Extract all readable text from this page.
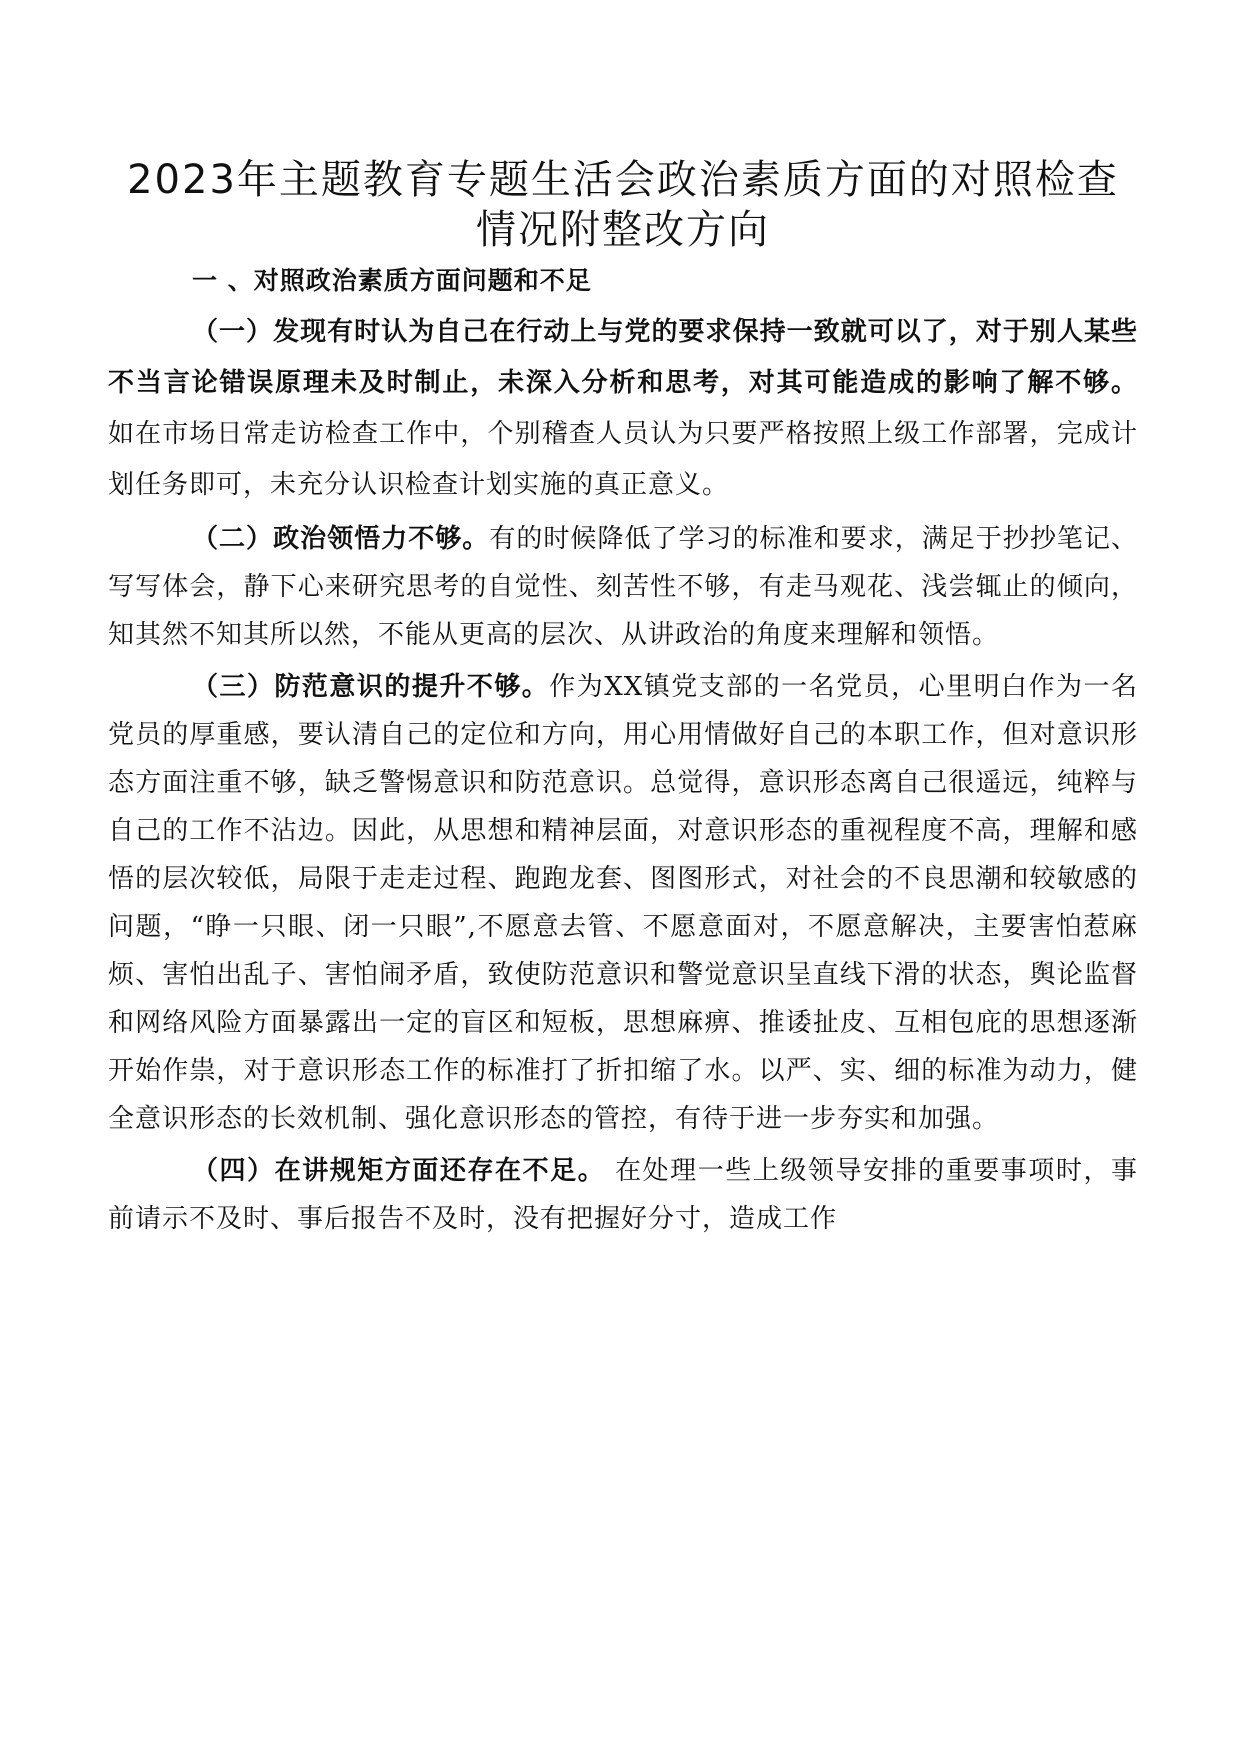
2023年主题教育专题生活会政治素质方面的对照检查
情况附整改方向
一 、对照政治素质方面问题和不足

（一）发现有时认为自己在行动上与党的要求保持一致就可以了，对于别人某些不当言论错误原理未及时制止，未深入分析和思考，对其可能造成的影响了解不够。 如在市场日常走访检查工作中，个别稽查人员认为只要严格按照上级工作部署，完成计划任务即可，未充分认识检查计划实施的真正意义。

（二）政治领悟力不够。有的时候降低了学习的标准和要求，满足于抄抄笔记、写写体会，静下心来研究思考的自觉性、刻苦性不够，有走马观花、浅尝辄止的倾向，知其然不知其所以然，不能从更高的层次、从讲政治的角度来理解和领悟。

（三）防范意识的提升不够。作为XX镇党支部的一名党员，心里明白作为一名党员的厚重感，要认清自己的定位和方向，用心用情做好自己的本职工作，但对意识形态方面注重不够，缺乏警惕意识和防范意识。总觉得，意识形态离自己很遥远，纯粹与自己的工作不沾边。因此，从思想和精神层面，对意识形态的重视程度不高，理解和感悟的层次较低，局限于走走过程、跑跑龙套、图图形式，对社会的不良思潮和较敏感的问题，“睁一只眼、闭一只眼”,不愿意去管、不愿意面对，不愿意解决，主要害怕惹麻烦、害怕出乱子、害怕闹矛盾，致使防范意识和警觉意识呈直线下滑的状态，舆论监督和网络风险方面暴露出一定的盲区和短板，思想麻痹、推诿扯皮、互相包庇的思想逐渐开始作祟，对于意识形态工作的标准打了折扣缩了水。以严、实、细的标准为动力，健全意识形态的长效机制、强化意识形态的管控，有待于进一步夯实和加强。

（四）在讲规矩方面还存在不足。 在处理一些上级领导安排的重要事项时，事前请示不及时、事后报告不及时，没有把握好分寸，造成工作
